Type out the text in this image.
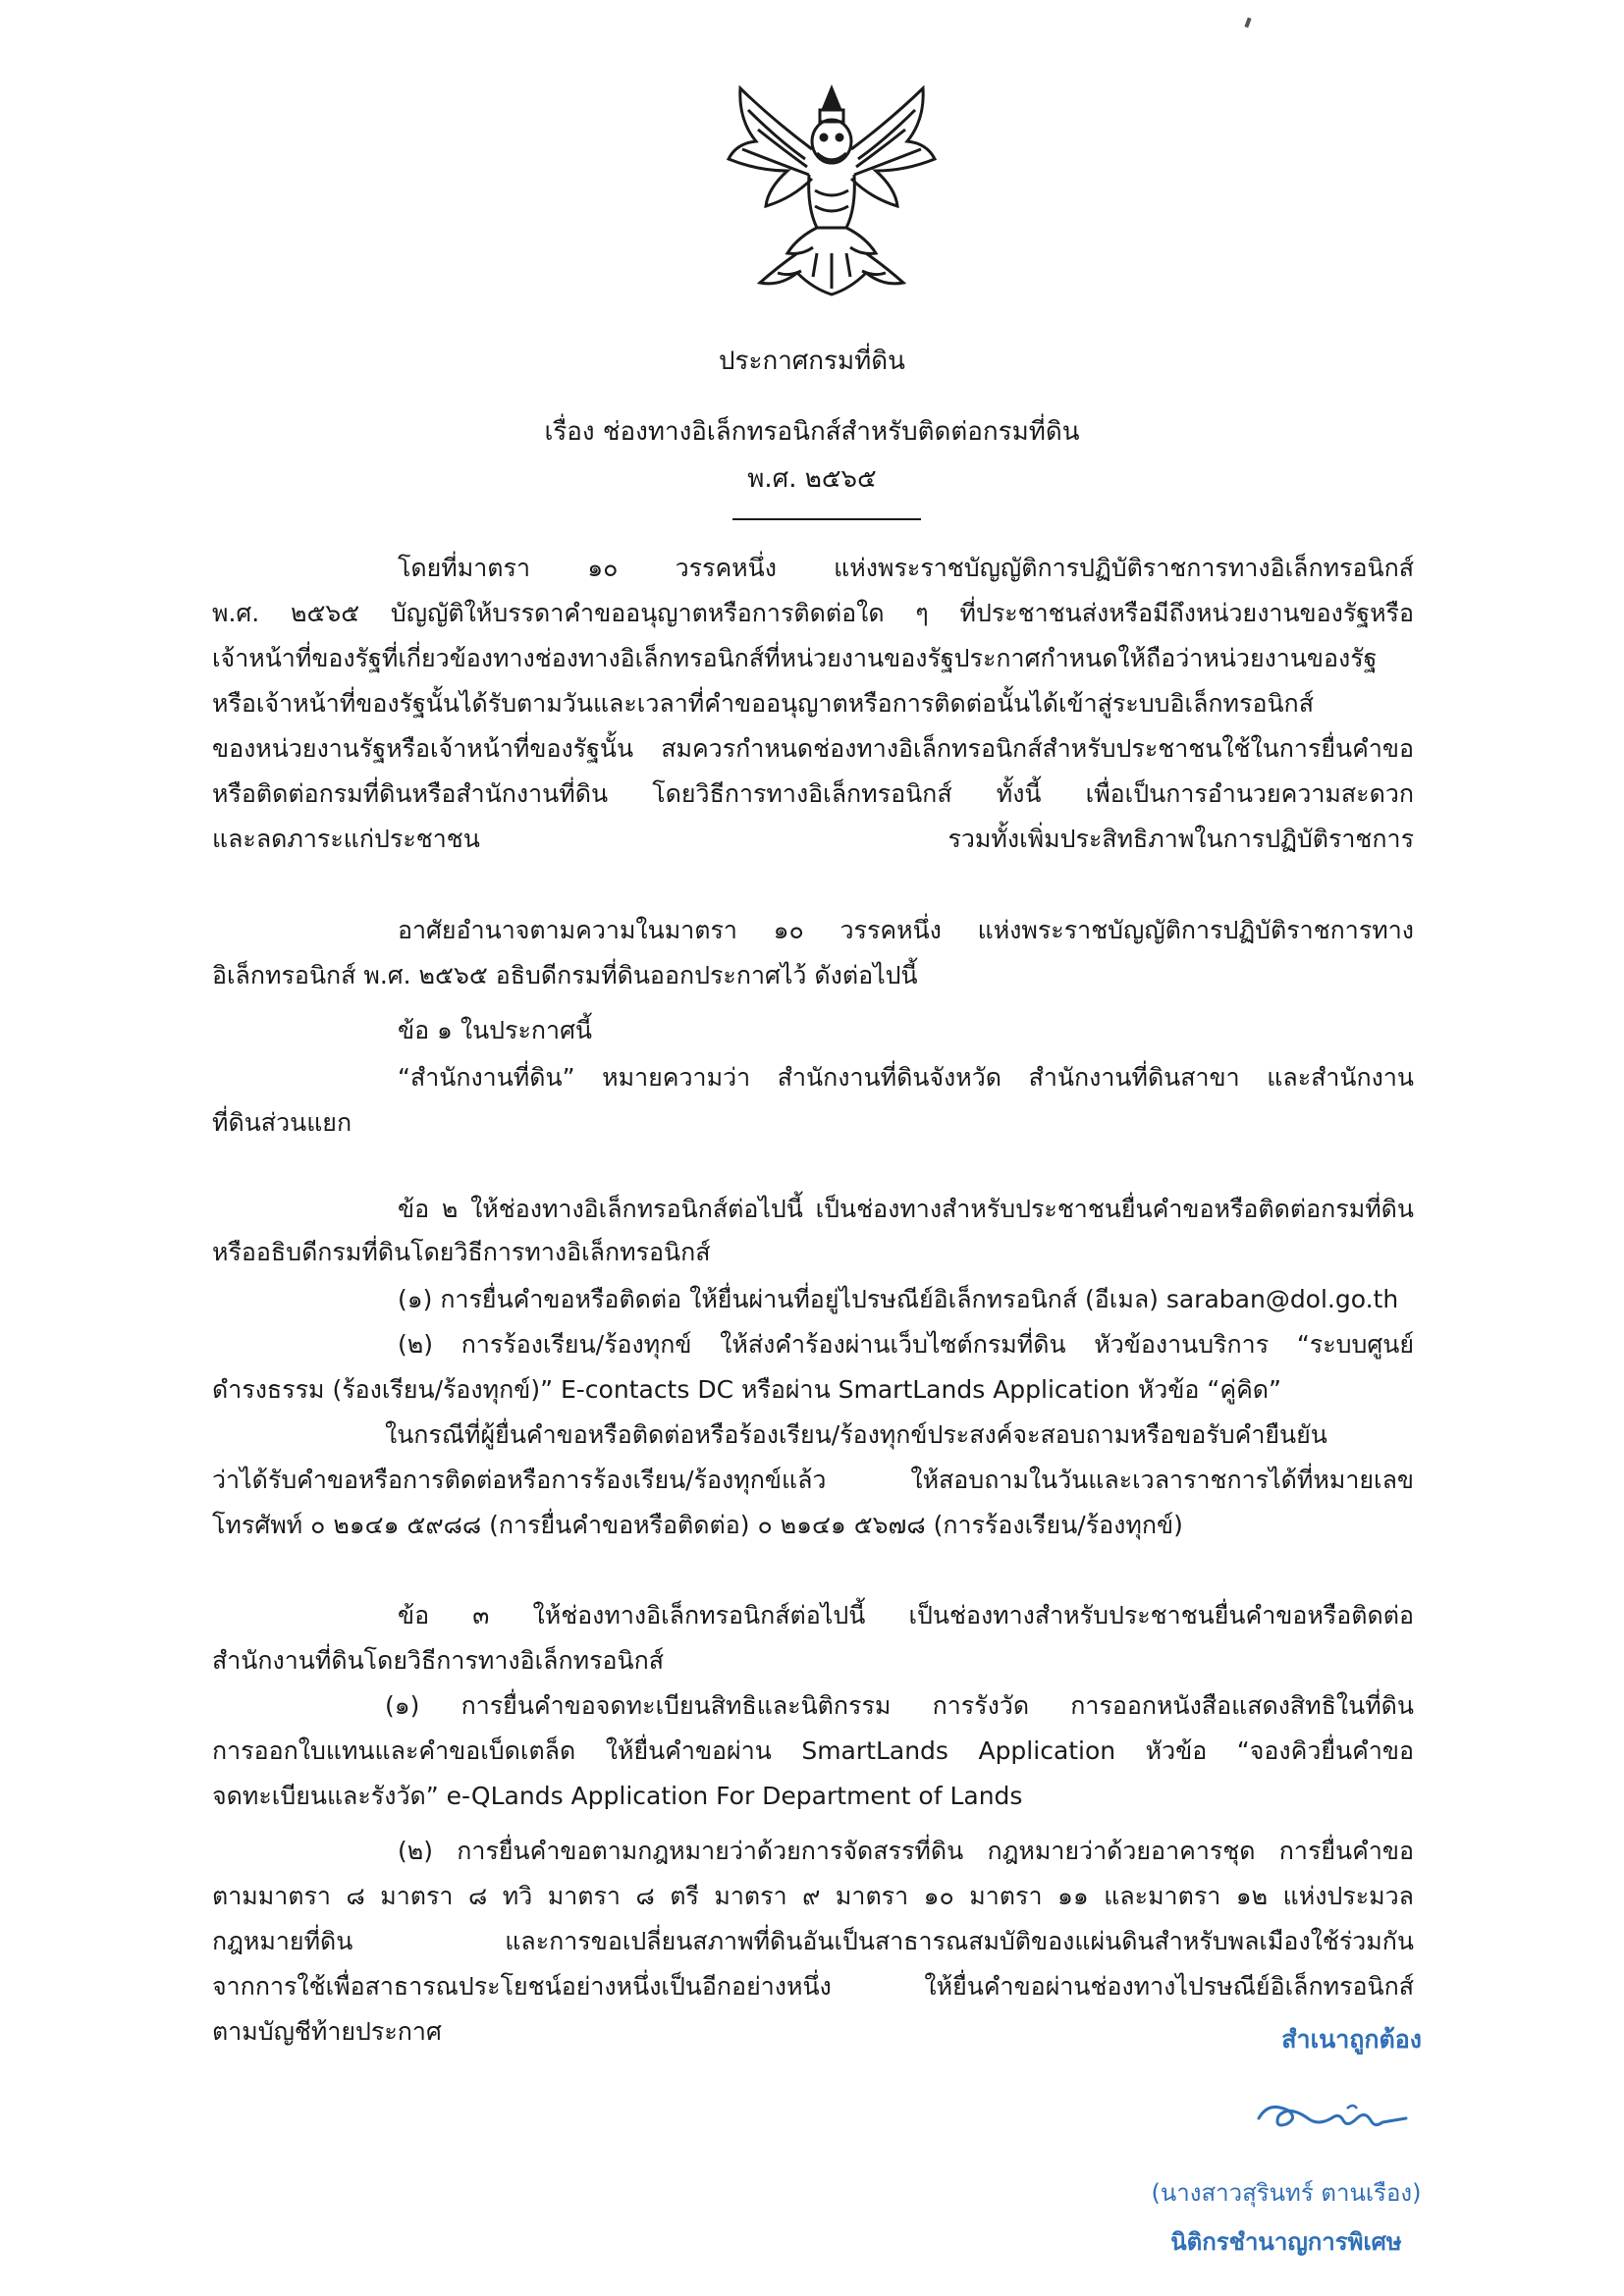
ประกาศกรมที่ดิน
เรื่อง ช่องทางอิเล็กทรอนิกส์สำหรับติดต่อกรมที่ดิน
พ.ศ. ๒๕๖๕
โดยที่มาตรา ๑๐ วรรคหนึ่ง แห่งพระราชบัญญัติการปฏิบัติราชการทางอิเล็กทรอนิกส์
พ.ศ. ๒๕๖๕ บัญญัติให้บรรดาคำขออนุญาตหรือการติดต่อใด ๆ ที่ประชาชนส่งหรือมีถึงหน่วยงานของรัฐหรือ
เจ้าหน้าที่ของรัฐที่เกี่ยวข้องทางช่องทางอิเล็กทรอนิกส์ที่หน่วยงานของรัฐประกาศกำหนดให้ถือว่าหน่วยงานของรัฐ
หรือเจ้าหน้าที่ของรัฐนั้นได้รับตามวันและเวลาที่คำขออนุญาตหรือการติดต่อนั้นได้เข้าสู่ระบบอิเล็กทรอนิกส์
ของหน่วยงานรัฐหรือเจ้าหน้าที่ของรัฐนั้น สมควรกำหนดช่องทางอิเล็กทรอนิกส์สำหรับประชาชนใช้ในการยื่นคำขอ
หรือติดต่อกรมที่ดินหรือสำนักงานที่ดิน โดยวิธีการทางอิเล็กทรอนิกส์ ทั้งนี้ เพื่อเป็นการอำนวยความสะดวก
และลดภาระแก่ประชาชน รวมทั้งเพิ่มประสิทธิภาพในการปฏิบัติราชการ
อาศัยอำนาจตามความในมาตรา ๑๐ วรรคหนึ่ง แห่งพระราชบัญญัติการปฏิบัติราชการทาง
อิเล็กทรอนิกส์ พ.ศ. ๒๕๖๕ อธิบดีกรมที่ดินออกประกาศไว้ ดังต่อไปนี้
ข้อ ๑ ในประกาศนี้
“สำนักงานที่ดิน” หมายความว่า สำนักงานที่ดินจังหวัด สำนักงานที่ดินสาขา และสำนักงาน
ที่ดินส่วนแยก
ข้อ ๒ ให้ช่องทางอิเล็กทรอนิกส์ต่อไปนี้ เป็นช่องทางสำหรับประชาชนยื่นคำขอหรือติดต่อกรมที่ดิน
หรืออธิบดีกรมที่ดินโดยวิธีการทางอิเล็กทรอนิกส์
(๑) การยื่นคำขอหรือติดต่อ ให้ยื่นผ่านที่อยู่ไปรษณีย์อิเล็กทรอนิกส์ (อีเมล) saraban@dol.go.th
(๒) การร้องเรียน/ร้องทุกข์ ให้ส่งคำร้องผ่านเว็บไซต์กรมที่ดิน หัวข้องานบริการ “ระบบศูนย์
ดำรงธรรม (ร้องเรียน/ร้องทุกข์)” E-contacts DC หรือผ่าน SmartLands Application หัวข้อ “คู่คิด”
ในกรณีที่ผู้ยื่นคำขอหรือติดต่อหรือร้องเรียน/ร้องทุกข์ประสงค์จะสอบถามหรือขอรับคำยืนยัน
ว่าได้รับคำขอหรือการติดต่อหรือการร้องเรียน/ร้องทุกข์แล้ว ให้สอบถามในวันและเวลาราชการได้ที่หมายเลข
โทรศัพท์ ๐ ๒๑๔๑ ๕๙๘๘ (การยื่นคำขอหรือติดต่อ) ๐ ๒๑๔๑ ๕๖๗๘ (การร้องเรียน/ร้องทุกข์)
ข้อ ๓ ให้ช่องทางอิเล็กทรอนิกส์ต่อไปนี้ เป็นช่องทางสำหรับประชาชนยื่นคำขอหรือติดต่อ
สำนักงานที่ดินโดยวิธีการทางอิเล็กทรอนิกส์
(๑) การยื่นคำขอจดทะเบียนสิทธิและนิติกรรม การรังวัด การออกหนังสือแสดงสิทธิในที่ดิน
การออกใบแทนและคำขอเบ็ดเตล็ด ให้ยื่นคำขอผ่าน SmartLands Application หัวข้อ “จองคิวยื่นคำขอ
จดทะเบียนและรังวัด” e-QLands Application For Department of Lands
(๒) การยื่นคำขอตามกฎหมายว่าด้วยการจัดสรรที่ดิน กฎหมายว่าด้วยอาคารชุด การยื่นคำขอ
ตามมาตรา ๘ มาตรา ๘ ทวิ มาตรา ๘ ตรี มาตรา ๙ มาตรา ๑๐ มาตรา ๑๑ และมาตรา ๑๒ แห่งประมวล
กฎหมายที่ดิน และการขอเปลี่ยนสภาพที่ดินอันเป็นสาธารณสมบัติของแผ่นดินสำหรับพลเมืองใช้ร่วมกัน
จากการใช้เพื่อสาธารณประโยชน์อย่างหนึ่งเป็นอีกอย่างหนึ่ง ให้ยื่นคำขอผ่านช่องทางไปรษณีย์อิเล็กทรอนิกส์
ตามบัญชีท้ายประกาศ	สำเนาถูกต้อง
(นางสาวสุรินทร์ ตานเรือง)
นิติกรชำนาญการพิเศษ
